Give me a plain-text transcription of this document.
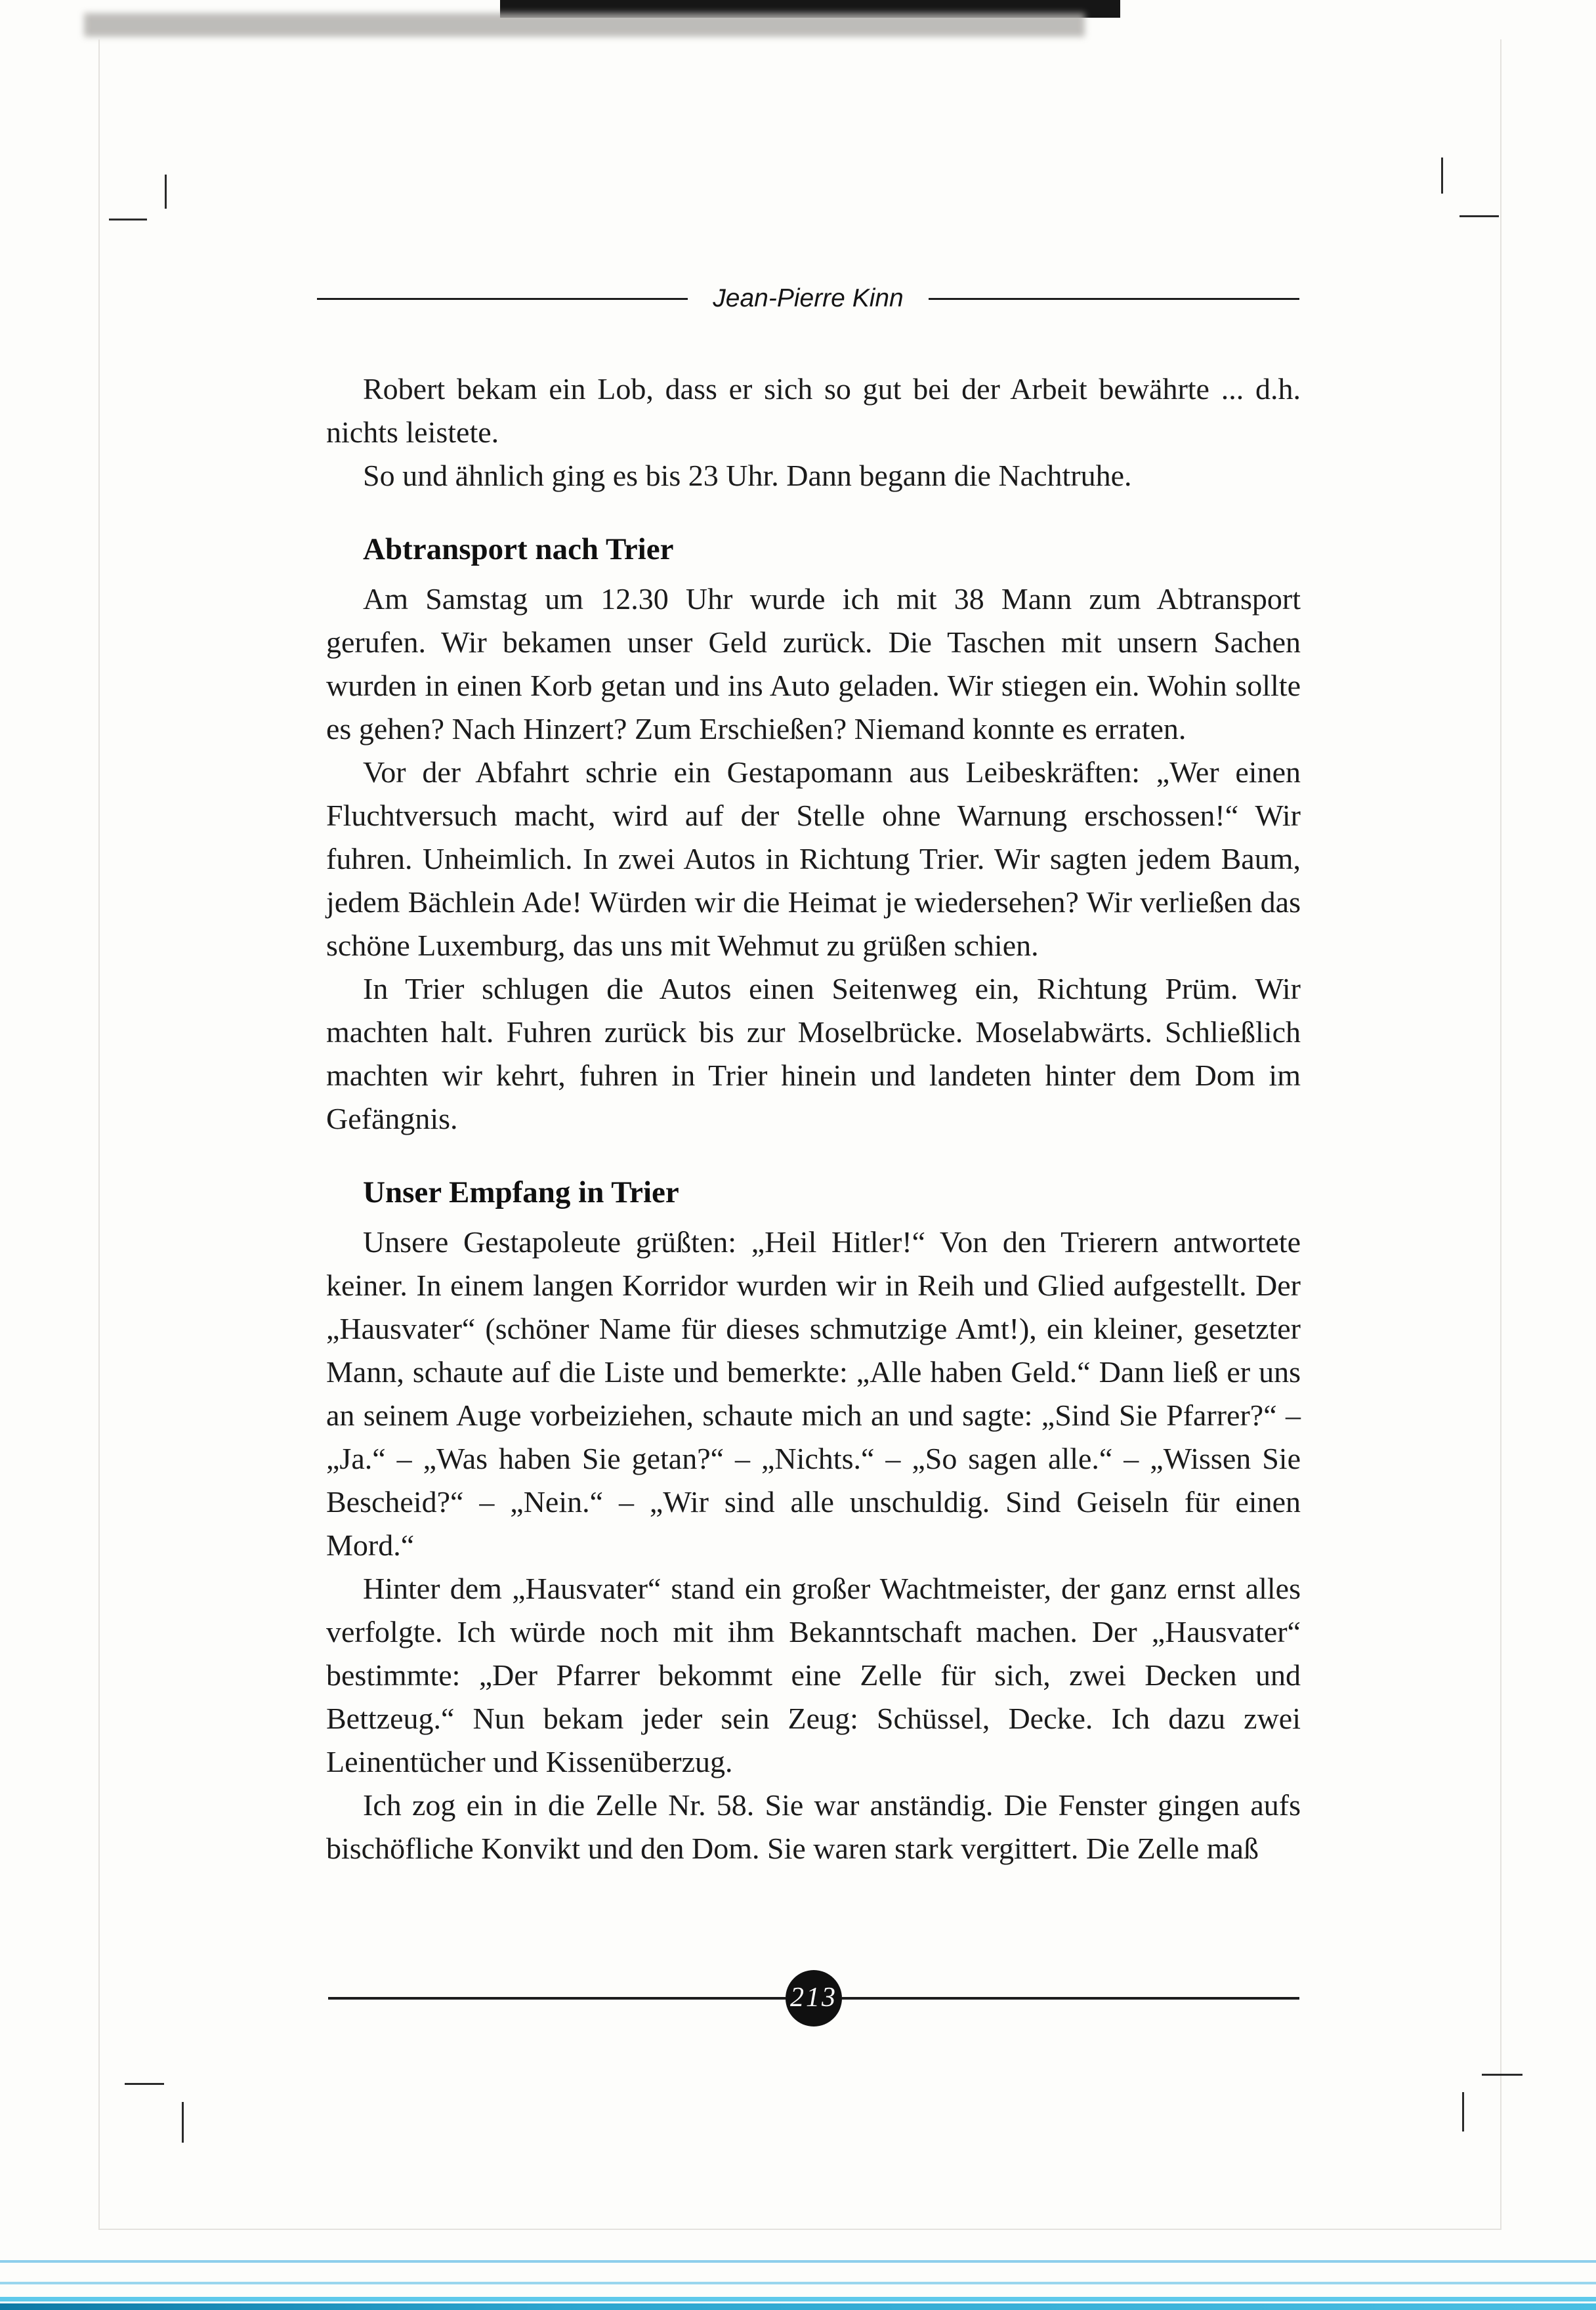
Jean-Pierre Kinn

Robert bekam ein Lob, dass er sich so gut bei der Arbeit bewährte ... d.h. nichts leistete.

So und ähnlich ging es bis 23 Uhr. Dann begann die Nachtruhe.

Abtransport nach Trier

Am Samstag um 12.30 Uhr wurde ich mit 38 Mann zum Abtransport gerufen. Wir bekamen unser Geld zurück. Die Taschen mit unsern Sachen wurden in einen Korb getan und ins Auto geladen. Wir stiegen ein. Wohin sollte es gehen? Nach Hinzert? Zum Erschießen? Niemand konnte es erraten.

Vor der Abfahrt schrie ein Gestapomann aus Leibeskräften: „Wer einen Fluchtversuch macht, wird auf der Stelle ohne Warnung erschossen!“ Wir fuhren. Unheimlich. In zwei Autos in Richtung Trier. Wir sagten jedem Baum, jedem Bächlein Ade! Würden wir die Heimat je wiedersehen? Wir verließen das schöne Luxemburg, das uns mit Wehmut zu grüßen schien.

In Trier schlugen die Autos einen Seitenweg ein, Richtung Prüm. Wir machten halt. Fuhren zurück bis zur Moselbrücke. Moselabwärts. Schließlich machten wir kehrt, fuhren in Trier hinein und landeten hinter dem Dom im Gefängnis.

Unser Empfang in Trier

Unsere Gestapoleute grüßten: „Heil Hitler!“ Von den Trierern antwortete keiner. In einem langen Korridor wurden wir in Reih und Glied aufgestellt. Der „Hausvater“ (schöner Name für dieses schmutzige Amt!), ein kleiner, gesetzter Mann, schaute auf die Liste und bemerkte: „Alle haben Geld.“ Dann ließ er uns an seinem Auge vorbeiziehen, schaute mich an und sagte: „Sind Sie Pfarrer?“ – „Ja.“ – „Was haben Sie getan?“ – „Nichts.“ – „So sagen alle.“ – „Wissen Sie Bescheid?“ – „Nein.“ – „Wir sind alle unschuldig. Sind Geiseln für einen Mord.“

Hinter dem „Hausvater“ stand ein großer Wachtmeister, der ganz ernst alles verfolgte. Ich würde noch mit ihm Bekanntschaft machen. Der „Hausvater“ bestimmte: „Der Pfarrer bekommt eine Zelle für sich, zwei Decken und Bettzeug.“ Nun bekam jeder sein Zeug: Schüssel, Decke. Ich dazu zwei Leinentücher und Kissenüberzug.

Ich zog ein in die Zelle Nr. 58. Sie war anständig. Die Fenster gingen aufs bischöfliche Konvikt und den Dom. Sie waren stark vergittert. Die Zelle maß

213
